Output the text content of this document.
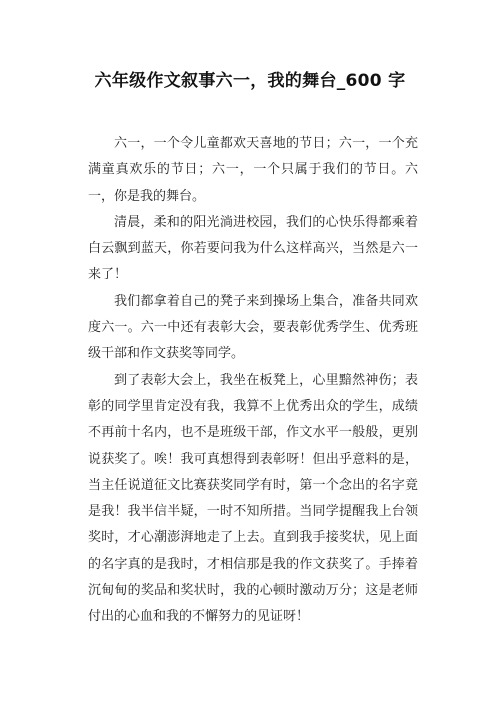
六年级作文叙事六一，我的舞台_600 字

六一，一个令儿童都欢天喜地的节日；六一，一个充满童真欢乐的节日；六一，一个只属于我们的节日。六一，你是我的舞台。

清晨，柔和的阳光淌进校园，我们的心快乐得都乘着白云飘到蓝天，你若要问我为什么这样高兴，当然是六一来了！

我们都拿着自己的凳子来到操场上集合，准备共同欢度六一。六一中还有表彰大会，要表彰优秀学生、优秀班级干部和作文获奖等同学。

到了表彰大会上，我坐在板凳上，心里黯然神伤；表彰的同学里肯定没有我，我算不上优秀出众的学生，成绩不再前十名内，也不是班级干部，作文水平一般般，更别说获奖了。唉！我可真想得到表彰呀！但出乎意料的是，当主任说道征文比赛获奖同学有时，第一个念出的名字竟是我！我半信半疑，一时不知所措。当同学提醒我上台领奖时，才心潮澎湃地走了上去。直到我手接奖状，见上面的名字真的是我时，才相信那是我的作文获奖了。手捧着沉甸甸的奖品和奖状时，我的心顿时激动万分；这是老师付出的心血和我的不懈努力的见证呀！
